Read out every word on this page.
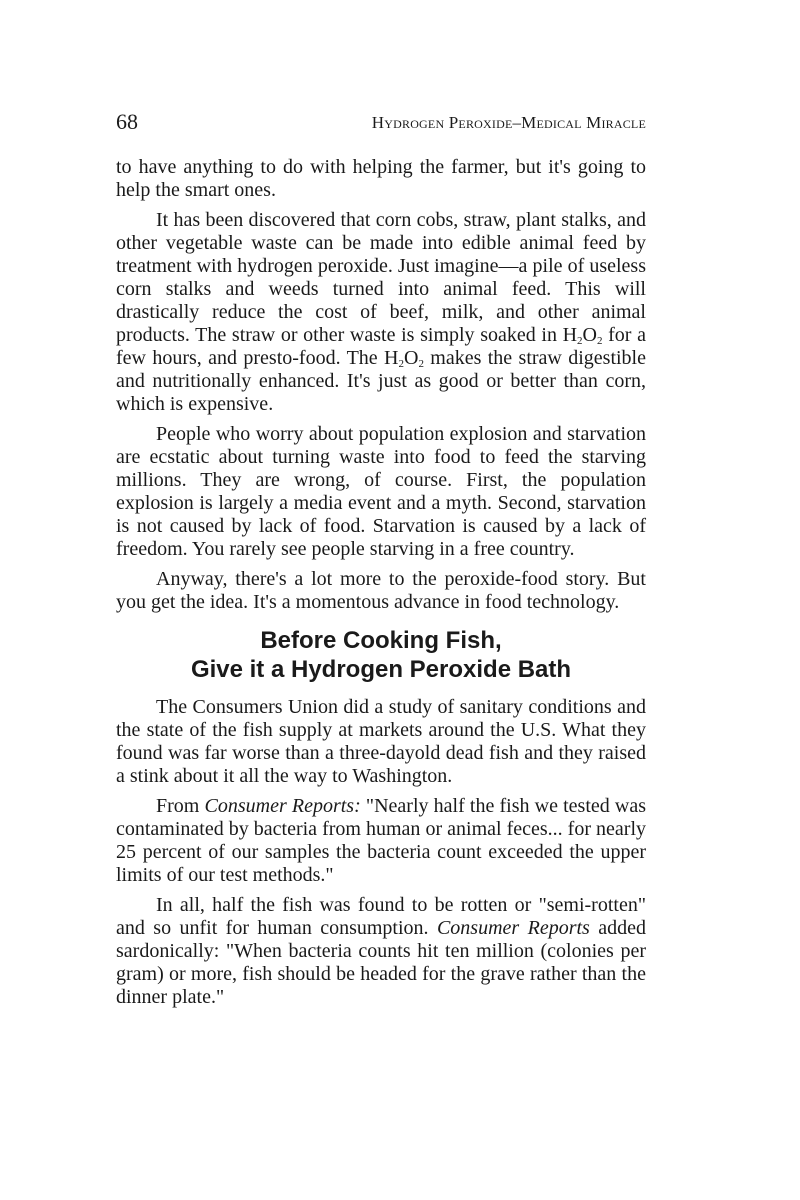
68	Hydrogen Peroxide–Medical Miracle

to have anything to do with helping the farmer, but it's going to help the smart ones.

It has been discovered that corn cobs, straw, plant stalks, and other vegetable waste can be made into edible animal feed by treatment with hydrogen peroxide. Just imagine—a pile of useless corn stalks and weeds turned into animal feed. This will drastically reduce the cost of beef, milk, and other animal products. The straw or other waste is simply soaked in $H_2O_2$ for a few hours, and presto-food. The $H_2O_2$ makes the straw digestible and nutritionally enhanced. It's just as good or better than corn, which is expensive.

People who worry about population explosion and starvation are ecstatic about turning waste into food to feed the starving millions. They are wrong, of course. First, the population explosion is largely a media event and a myth. Second, starvation is not caused by lack of food. Starvation is caused by a lack of freedom. You rarely see people starving in a free country.

Anyway, there's a lot more to the peroxide-food story. But you get the idea. It's a momentous advance in food technology.

Before Cooking Fish,
Give it a Hydrogen Peroxide Bath

The Consumers Union did a study of sanitary conditions and the state of the fish supply at markets around the U.S. What they found was far worse than a three-dayold dead fish and they raised a stink about it all the way to Washington.

From Consumer Reports: "Nearly half the fish we tested was contaminated by bacteria from human or animal feces... for nearly 25 percent of our samples the bacteria count exceeded the upper limits of our test methods."

In all, half the fish was found to be rotten or "semi-rotten" and so unfit for human consumption. Consumer Reports added sardonically: "When bacteria counts hit ten million (colonies per gram) or more, fish should be headed for the grave rather than the dinner plate."
